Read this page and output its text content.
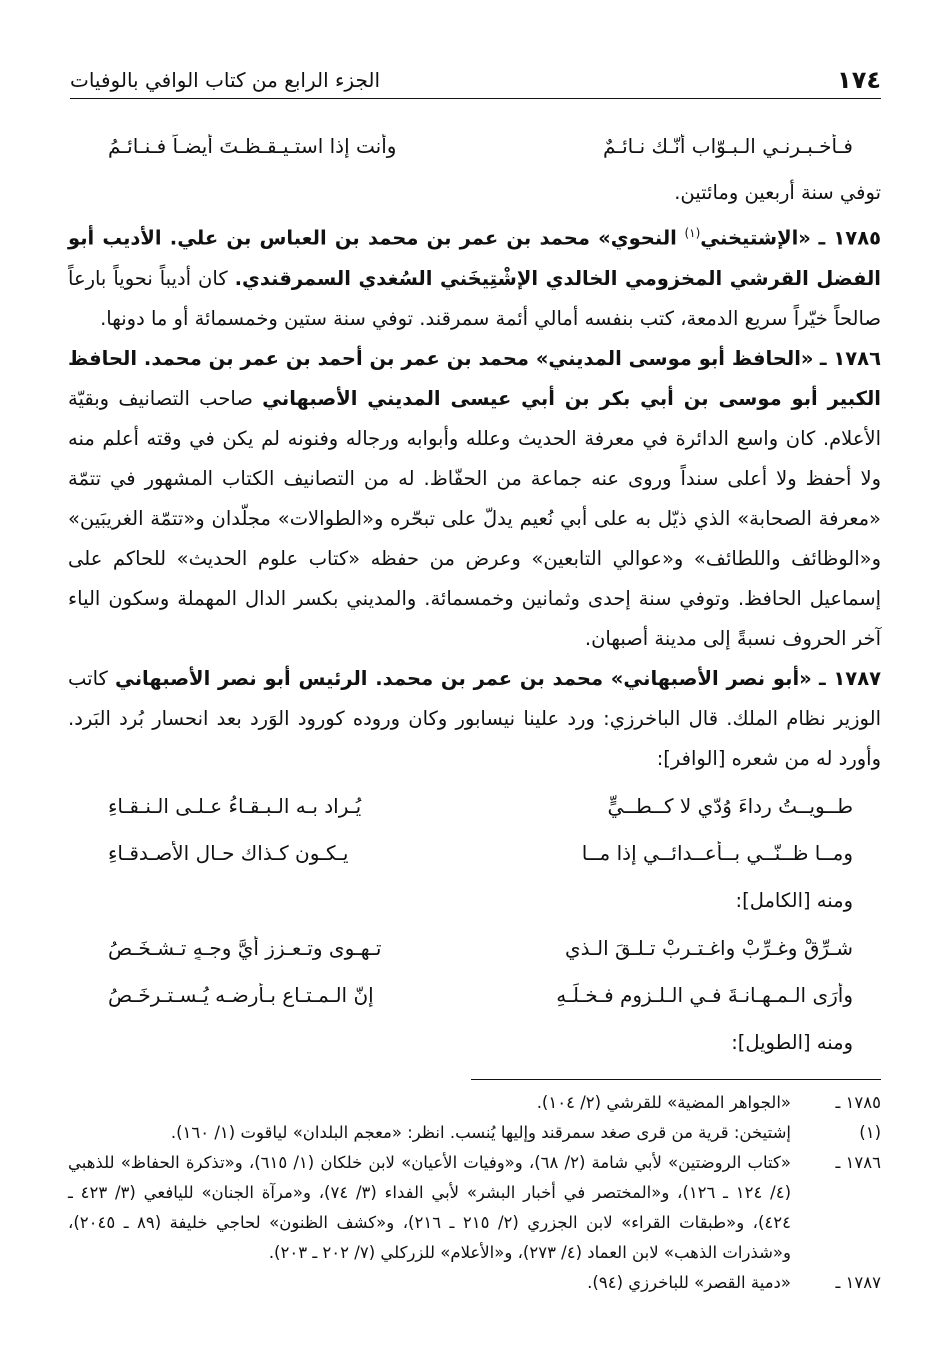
١٧٤
الجزء الرابع من كتاب الوافي بالوفيات
فـأخـبـرنـي الـبـوّاب أنّـك نـائـمٌ
وأنت إذا استـيـقـظـتَ أيضـاً فـنـائـمُ

توفي سنة أربعين ومائتين.

١٧٨٥ ـ «الإشتيخني$^{(١)}$ النحوي» محمد بن عمر بن محمد بن العباس بن علي. الأديب أبو الفضل القرشي المخزومي الخالدي الإشْتِيخَني السُغدي السمرقندي. كان أديباً نحوياً بارعاً صالحاً خيّراً سريع الدمعة، كتب بنفسه أمالي أئمة سمرقند. توفي سنة ستين وخمسمائة أو ما دونها.

١٧٨٦ ـ «الحافظ أبو موسى المديني» محمد بن عمر بن أحمد بن عمر بن محمد. الحافظ الكبير أبو موسى بن أبي بكر بن أبي عيسى المديني الأصبهاني صاحب التصانيف وبقيّة الأعلام. كان واسع الدائرة في معرفة الحديث وعلله وأبوابه ورجاله وفنونه لم يكن في وقته أعلم منه ولا أحفظ ولا أعلى سنداً وروى عنه جماعة من الحفّاظ. له من التصانيف الكتاب المشهور في تتمّة «معرفة الصحابة» الذي ذيّل به على أبي نُعيم يدلّ على تبحّره و«الطوالات» مجلّدان و«تتمّة الغريبَين» و«الوظائف واللطائف» و«عوالي التابعين» وعرض من حفظه «كتاب علوم الحديث» للحاكم على إسماعيل الحافظ. وتوفي سنة إحدى وثمانين وخمسمائة. والمديني بكسر الدال المهملة وسكون الياء آخر الحروف نسبةً إلى مدينة أصبهان.

١٧٨٧ ـ «أبو نصر الأصبهاني» محمد بن عمر بن محمد. الرئيس أبو نصر الأصبهاني كاتب الوزير نظام الملك. قال الباخرزي: ورد علينا نيسابور وكان وروده كورود الوَرد بعد انحسار بُرد البَرد. وأورد له من شعره [الوافر]:

طــويــتُ رداءَ وُدّي لا كــطــيٍّ
يُـراد بـه الـبـقـاءُ عـلـى الـنـقـاءِ
ومــا ظــنّــي بــأعــدائــي إذا مــا
يـكـون كـذاك حـال الأصـدقـاءِ
ومنه [الكامل]:
شـرِّقْ وغـرِّبْ واغـتـربْ تـلـقَ الـذي
تـهـوى وتـعـزز أيَّ وجـهٍ تـشـخَـصُ
وأرَى الـمـهـانـةَ فـي الـلـزوم فـخـلِّـهِ
إنّ الـمـتـاع بـأرضـه يُـسـتـرخَـصُ
ومنه [الطويل]:
١٧٨٥ ـ
«الجواهر المضية» للقرشي (٢/ ١٠٤).
(١)
إشتيخن: قرية من قرى صغد سمرقند وإليها يُنسب. انظر: «معجم البلدان» لياقوت (١/ ١٦٠).
١٧٨٦ ـ
«كتاب الروضتين» لأبي شامة (٢/ ٦٨)، و«وفيات الأعيان» لابن خلكان (١/ ٦١٥)، و«تذكرة الحفاظ» للذهبي (٤/ ١٢٤ ـ ١٢٦)، و«المختصر في أخبار البشر» لأبي الفداء (٣/ ٧٤)، و«مرآة الجنان» لليافعي (٣/ ٤٢٣ ـ ٤٢٤)، و«طبقات القراء» لابن الجزري (٢/ ٢١٥ ـ ٢١٦)، و«كشف الظنون» لحاجي خليفة (٨٩ ـ ٢٠٤٥)، و«شذرات الذهب» لابن العماد (٤/ ٢٧٣)، و«الأعلام» للزركلي (٧/ ٢٠٢ ـ ٢٠٣).
١٧٨٧ ـ
«دمية القصر» للباخرزي (٩٤).
